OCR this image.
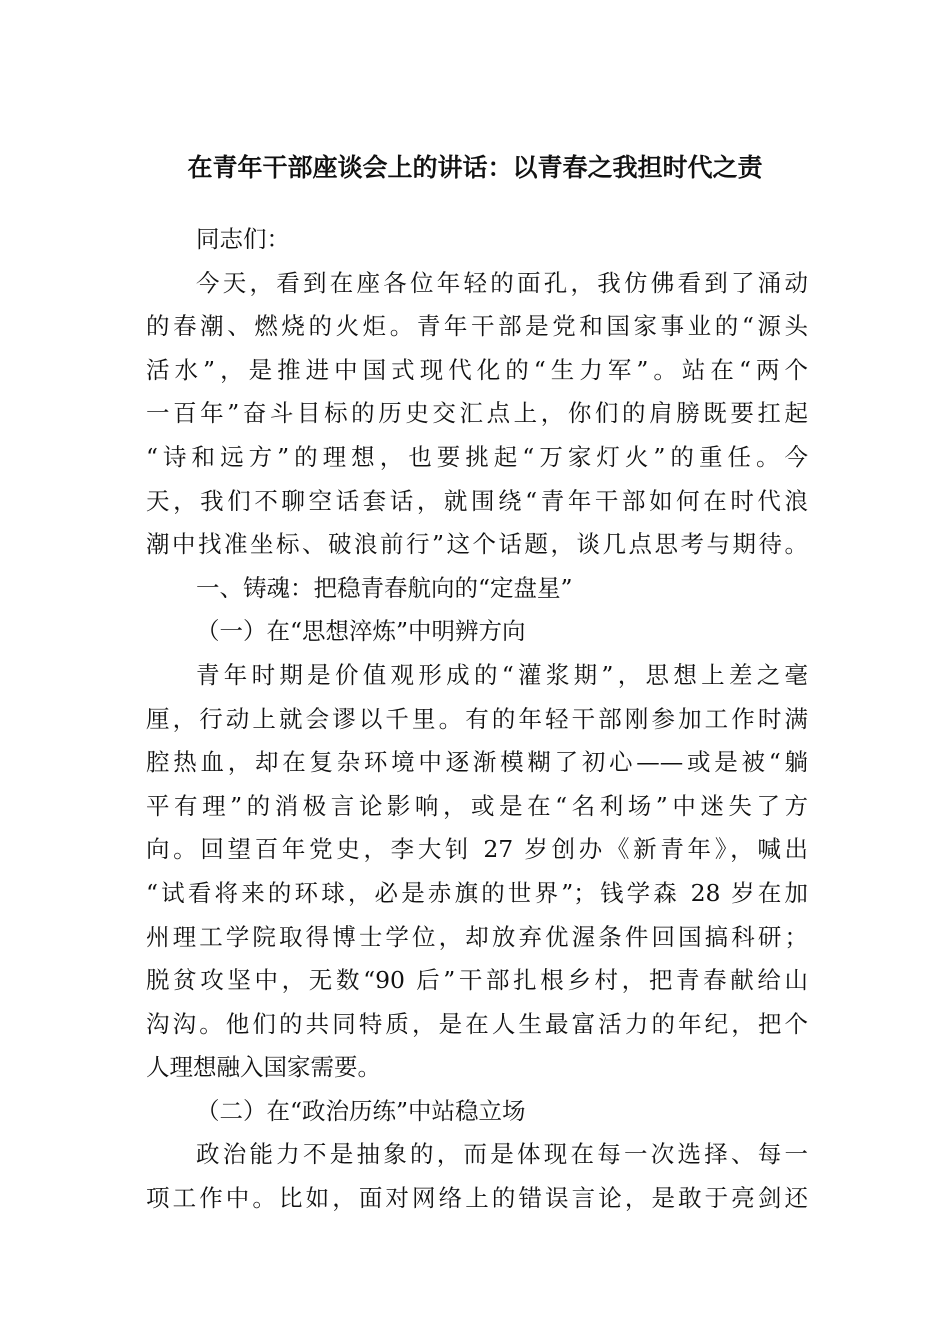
在青年干部座谈会上的讲话：以青春之我担时代之责
同志们：
今天，看到在座各位年轻的面孔，我仿佛看到了涌动
的春潮、燃烧的火炬。青年干部是党和国家事业的“源头
活水”，是推进中国式现代化的“生力军”。站在“两个
一百年”奋斗目标的历史交汇点上，你们的肩膀既要扛起
“诗和远方”的理想，也要挑起“万家灯火”的重任。今
天，我们不聊空话套话，就围绕“青年干部如何在时代浪
潮中找准坐标、破浪前行”这个话题，谈几点思考与期待。
一、铸魂：把稳青春航向的“定盘星”
（一）在“思想淬炼”中明辨方向
青年时期是价值观形成的“灌浆期”，思想上差之毫
厘，行动上就会谬以千里。有的年轻干部刚参加工作时满
腔热血，却在复杂环境中逐渐模糊了初心——或是被“躺
平有理”的消极言论影响，或是在“名利场”中迷失了方
向。回望百年党史，李大钊 27 岁创办《新青年》，喊出
“试看将来的环球，必是赤旗的世界”；钱学森 28 岁在加
州理工学院取得博士学位，却放弃优渥条件回国搞科研；
脱贫攻坚中，无数“90 后”干部扎根乡村，把青春献给山
沟沟。他们的共同特质，是在人生最富活力的年纪，把个
人理想融入国家需要。
（二）在“政治历练”中站稳立场
政治能力不是抽象的，而是体现在每一次选择、每一
项工作中。比如，面对网络上的错误言论，是敢于亮剑还
